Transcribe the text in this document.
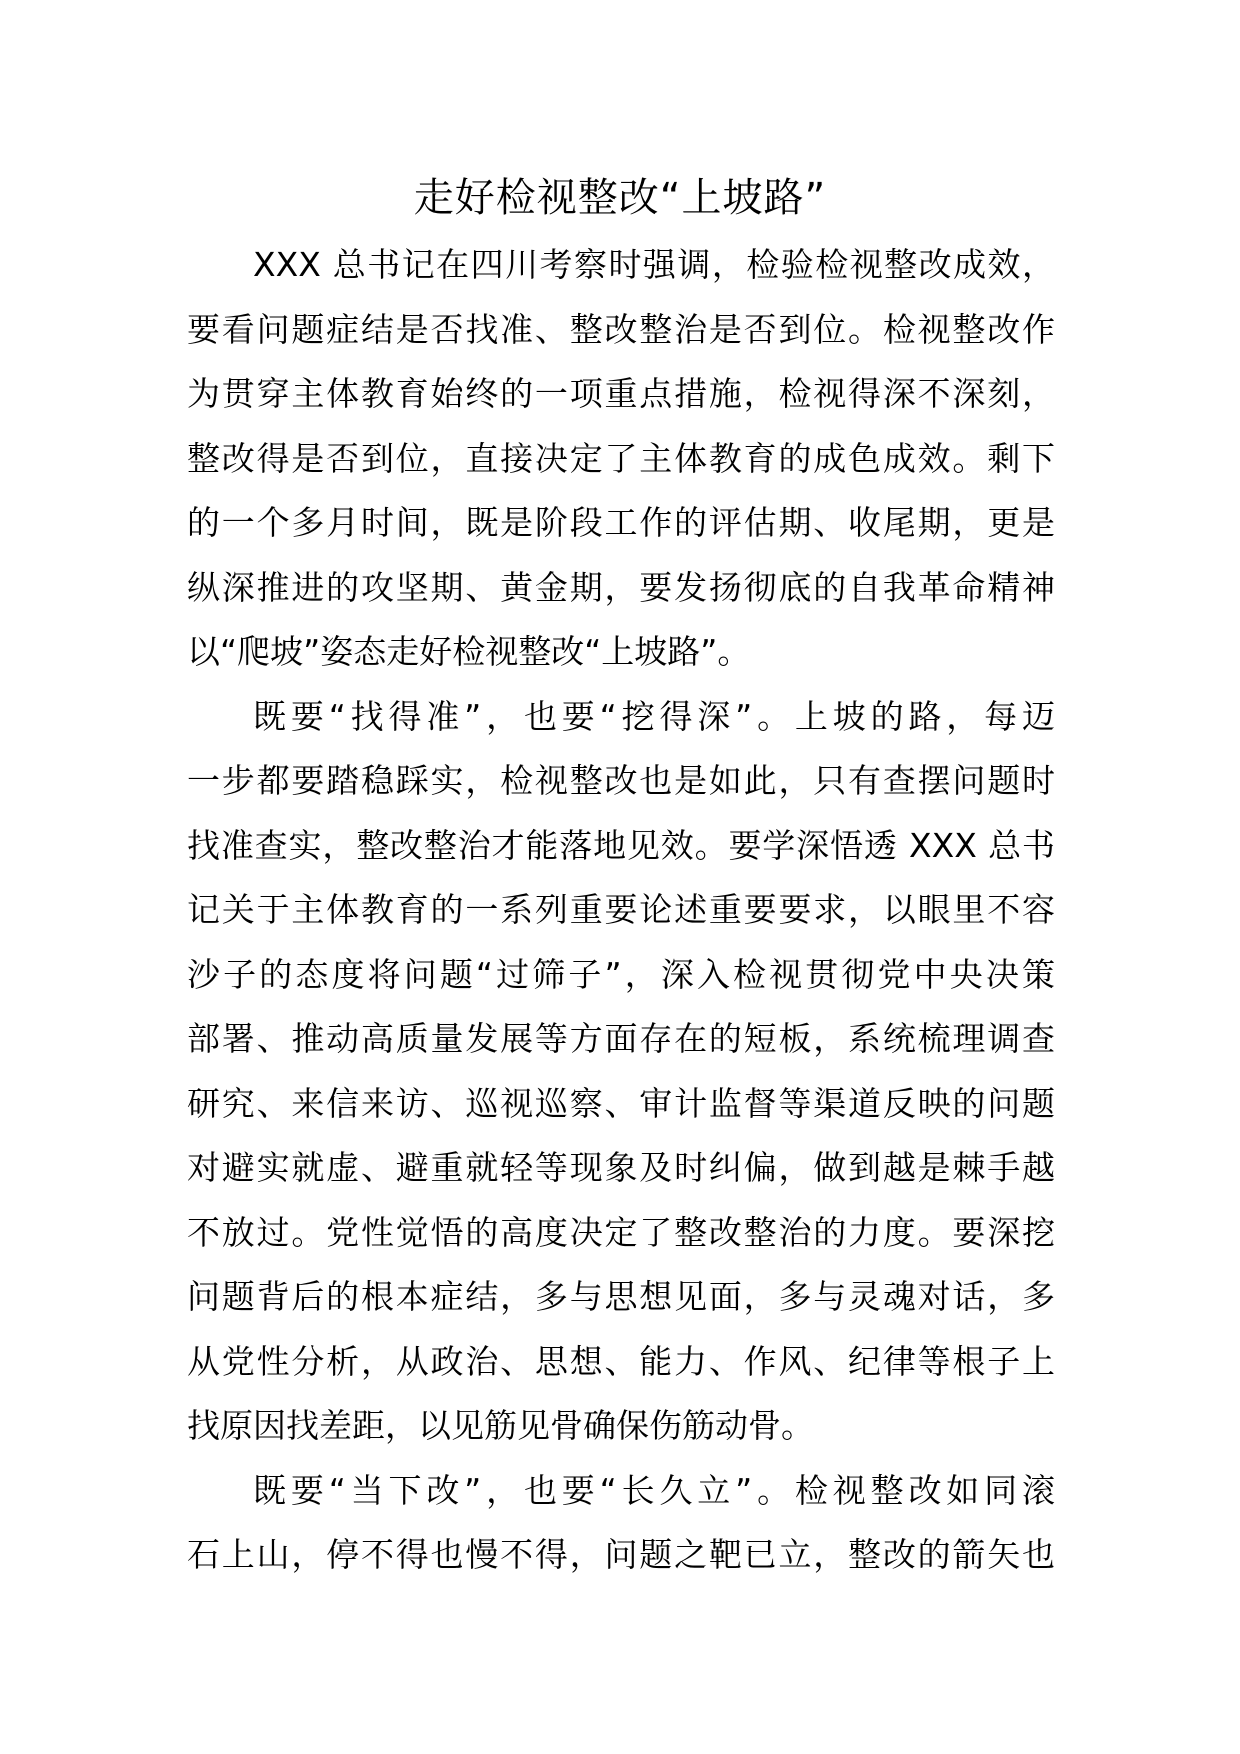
走好检视整改“上坡路”
XXX 总书记在四川考察时强调，检验检视整改成效，
要看问题症结是否找准、整改整治是否到位。检视整改作
为贯穿主体教育始终的一项重点措施，检视得深不深刻，
整改得是否到位，直接决定了主体教育的成色成效。剩下
的一个多月时间，既是阶段工作的评估期、收尾期，更是
纵深推进的攻坚期、黄金期，要发扬彻底的自我革命精神
以“爬坡”姿态走好检视整改“上坡路”。
既要“找得准”，也要“挖得深”。上坡的路，每迈
一步都要踏稳踩实，检视整改也是如此，只有查摆问题时
找准查实，整改整治才能落地见效。要学深悟透 XXX 总书
记关于主体教育的一系列重要论述重要要求，以眼里不容
沙子的态度将问题“过筛子”，深入检视贯彻党中央决策
部署、推动高质量发展等方面存在的短板，系统梳理调查
研究、来信来访、巡视巡察、审计监督等渠道反映的问题
对避实就虚、避重就轻等现象及时纠偏，做到越是棘手越
不放过。党性觉悟的高度决定了整改整治的力度。要深挖
问题背后的根本症结，多与思想见面，多与灵魂对话，多
从党性分析，从政治、思想、能力、作风、纪律等根子上
找原因找差距，以见筋见骨确保伤筋动骨。
既要“当下改”，也要“长久立”。检视整改如同滚
石上山，停不得也慢不得，问题之靶已立，整改的箭矢也
